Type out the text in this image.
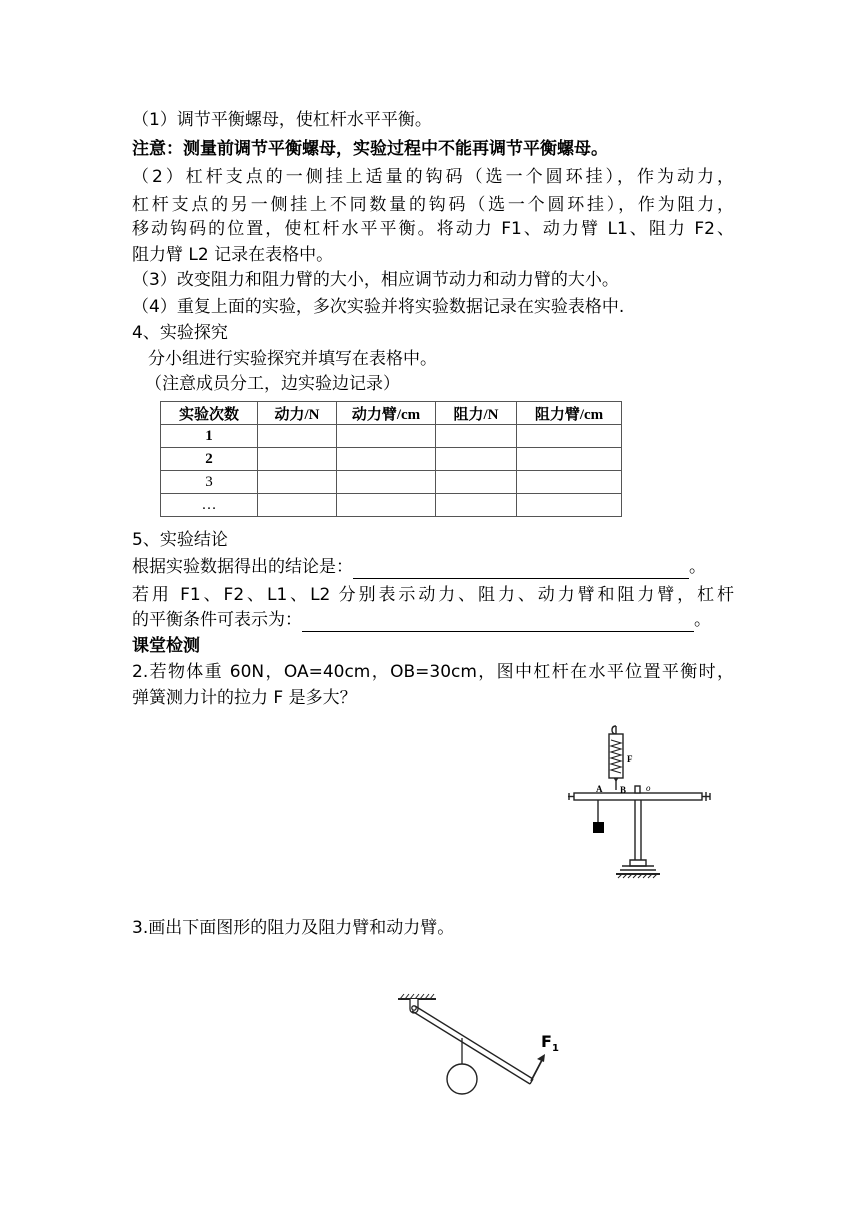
（1）调节平衡螺母，使杠杆水平平衡。
注意：测量前调节平衡螺母，实验过程中不能再调节平衡螺母。
（2）杠杆支点的一侧挂上适量的钩码（选一个圆环挂），作为动力，
杠杆支点的另一侧挂上不同数量的钩码（选一个圆环挂），作为阻力，
移动钩码的位置，使杠杆水平平衡。将动力 F1、动力臂 L1、阻力 F2、
阻力臂 L2 记录在表格中。
（3）改变阻力和阻力臂的大小，相应调节动力和动力臂的大小。
（4）重复上面的实验，多次实验并将实验数据记录在实验表格中.
4、实验探究
分小组进行实验探究并填写在表格中。
（注意成员分工，边实验边记录）
实验次数	动力/N	动力臂/cm	阻力/N	阻力臂/cm
1				
2				
3				
…				
5、实验结论
根据实验数据得出的结论是：	。
若用 F1、F2、L1、L2 分别表示动力、阻力、动力臂和阻力臂，杠杆
的平衡条件可表示为：	。
课堂检测
2.若物体重 60N，OA=40cm，OB=30cm，图中杠杆在水平位置平衡时，
弹簧测力计的拉力 F 是多大？
F
A B o
3.画出下面图形的阻力及阻力臂和动力臂。
$F_1$
